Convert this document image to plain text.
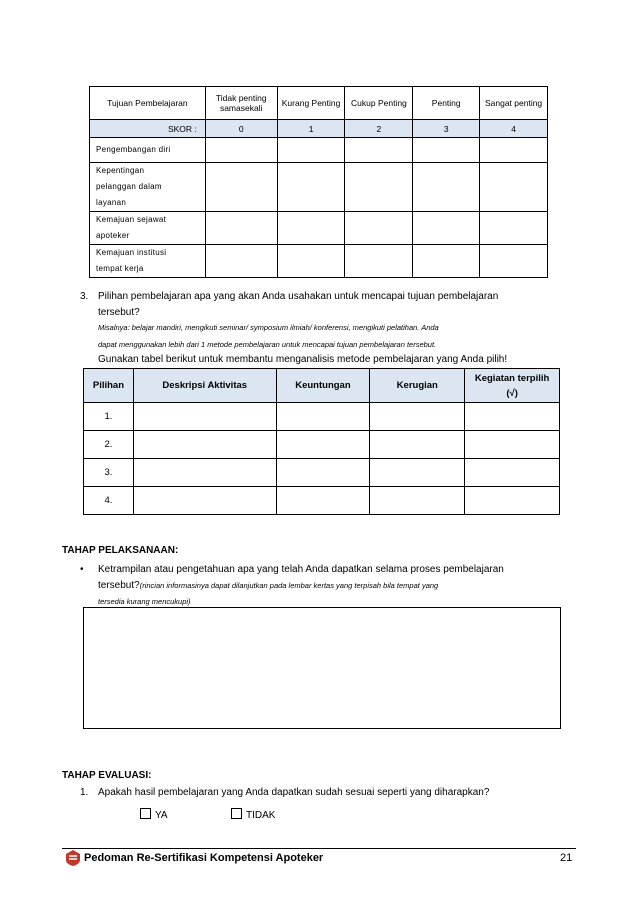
Tujuan Pembelajaran	Tidak penting samasekali	Kurang Penting	Cukup Penting	Penting	Sangat penting
SKOR :	0	1	2	3	4

Pengembangan diri					

Kepentingan
pelanggan dalam
layanan					

Kemajuan sejawat
apoteker					

Kemajuan institusi
tempat kerja					

3. Pilihan pembelajaran apa yang akan Anda usahakan untuk mencapai tujuan pembelajaran
tersebut?
Misalnya: belajar mandiri, mengikuti seminar/ symposium ilmiah/ konferensi, mengikuti pelatihan. Anda
dapat menggunakan lebih dari 1 metode pembelajaran untuk mencapai tujuan pembelajaran tersebut.
Gunakan tabel berikut untuk membantu menganalisis metode pembelajaran yang Anda pilih!
Pilihan	Deskripsi Aktivitas	Keuntungan	Kerugian	Kegiatan terpilih
(√)

1.				
2.				
3.				
4.				
TAHAP PELAKSANAAN:
• Ketrampilan atau pengetahuan apa yang telah Anda dapatkan selama proses pembelajaran
tersebut?(rincian informasinya dapat dilanjutkan pada lembar kertas yang terpisah bila tempat yang
tersedia kurang mencukupi)
TAHAP EVALUASI:
1. Apakah hasil pembelajaran yang Anda dapatkan sudah sesuai seperti yang diharapkan?
YA	TIDAK
Pedoman Re-Sertifikasi Kompetensi Apoteker	21
